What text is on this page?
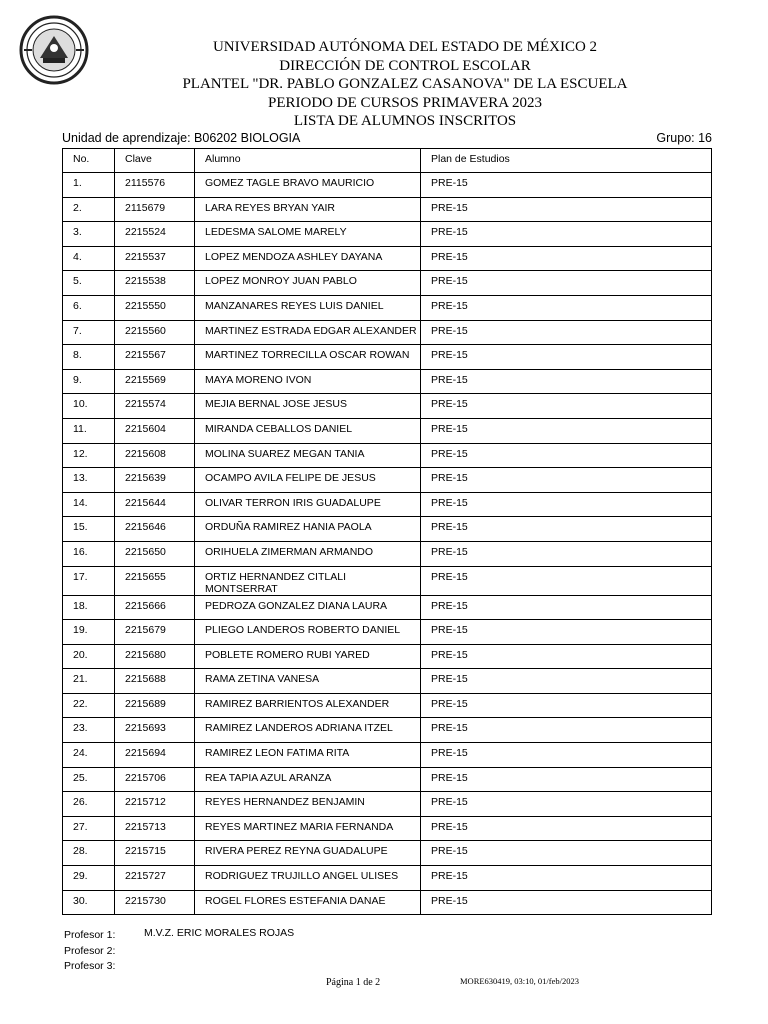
UNIVERSIDAD AUTÓNOMA DEL ESTADO DE MÉXICO 2
DIRECCIÓN DE CONTROL ESCOLAR
PLANTEL "DR. PABLO GONZALEZ CASANOVA" DE LA ESCUELA
PERIODO DE CURSOS PRIMAVERA 2023
LISTA DE ALUMNOS INSCRITOS
Unidad de aprendizaje: B06202 BIOLOGIA	Grupo: 16
No.	Clave	Alumno	Plan de Estudios
1.	2115576	GOMEZ TAGLE BRAVO MAURICIO	PRE-15
2.	2115679	LARA REYES BRYAN YAIR	PRE-15
3.	2215524	LEDESMA SALOME MARELY	PRE-15
4.	2215537	LOPEZ MENDOZA ASHLEY DAYANA	PRE-15
5.	2215538	LOPEZ MONROY JUAN PABLO	PRE-15
6.	2215550	MANZANARES REYES LUIS DANIEL	PRE-15
7.	2215560	MARTINEZ ESTRADA EDGAR ALEXANDER	PRE-15
8.	2215567	MARTINEZ TORRECILLA OSCAR ROWAN	PRE-15
9.	2215569	MAYA MORENO IVON	PRE-15
10.	2215574	MEJIA BERNAL JOSE JESUS	PRE-15
11.	2215604	MIRANDA CEBALLOS DANIEL	PRE-15
12.	2215608	MOLINA SUAREZ MEGAN TANIA	PRE-15
13.	2215639	OCAMPO AVILA FELIPE DE JESUS	PRE-15
14.	2215644	OLIVAR TERRON IRIS GUADALUPE	PRE-15
15.	2215646	ORDUÑA RAMIREZ HANIA PAOLA	PRE-15
16.	2215650	ORIHUELA ZIMERMAN ARMANDO	PRE-15
17.	2215655	ORTIZ HERNANDEZ CITLALI MONTSERRAT	PRE-15
18.	2215666	PEDROZA GONZALEZ DIANA LAURA	PRE-15
19.	2215679	PLIEGO LANDEROS ROBERTO DANIEL	PRE-15
20.	2215680	POBLETE ROMERO RUBI YARED	PRE-15
21.	2215688	RAMA ZETINA VANESA	PRE-15
22.	2215689	RAMIREZ BARRIENTOS ALEXANDER	PRE-15
23.	2215693	RAMIREZ LANDEROS ADRIANA ITZEL	PRE-15
24.	2215694	RAMIREZ LEON FATIMA RITA	PRE-15
25.	2215706	REA TAPIA AZUL ARANZA	PRE-15
26.	2215712	REYES HERNANDEZ BENJAMIN	PRE-15
27.	2215713	REYES MARTINEZ MARIA FERNANDA	PRE-15
28.	2215715	RIVERA PEREZ REYNA GUADALUPE	PRE-15
29.	2215727	RODRIGUEZ TRUJILLO ANGEL ULISES	PRE-15
30.	2215730	ROGEL FLORES ESTEFANIA DANAE	PRE-15
Profesor 1:	M.V.Z. ERIC MORALES ROJAS
Profesor 2:
Profesor 3:
Página 1 de 2	MORE630419, 03:10, 01/feb/2023
